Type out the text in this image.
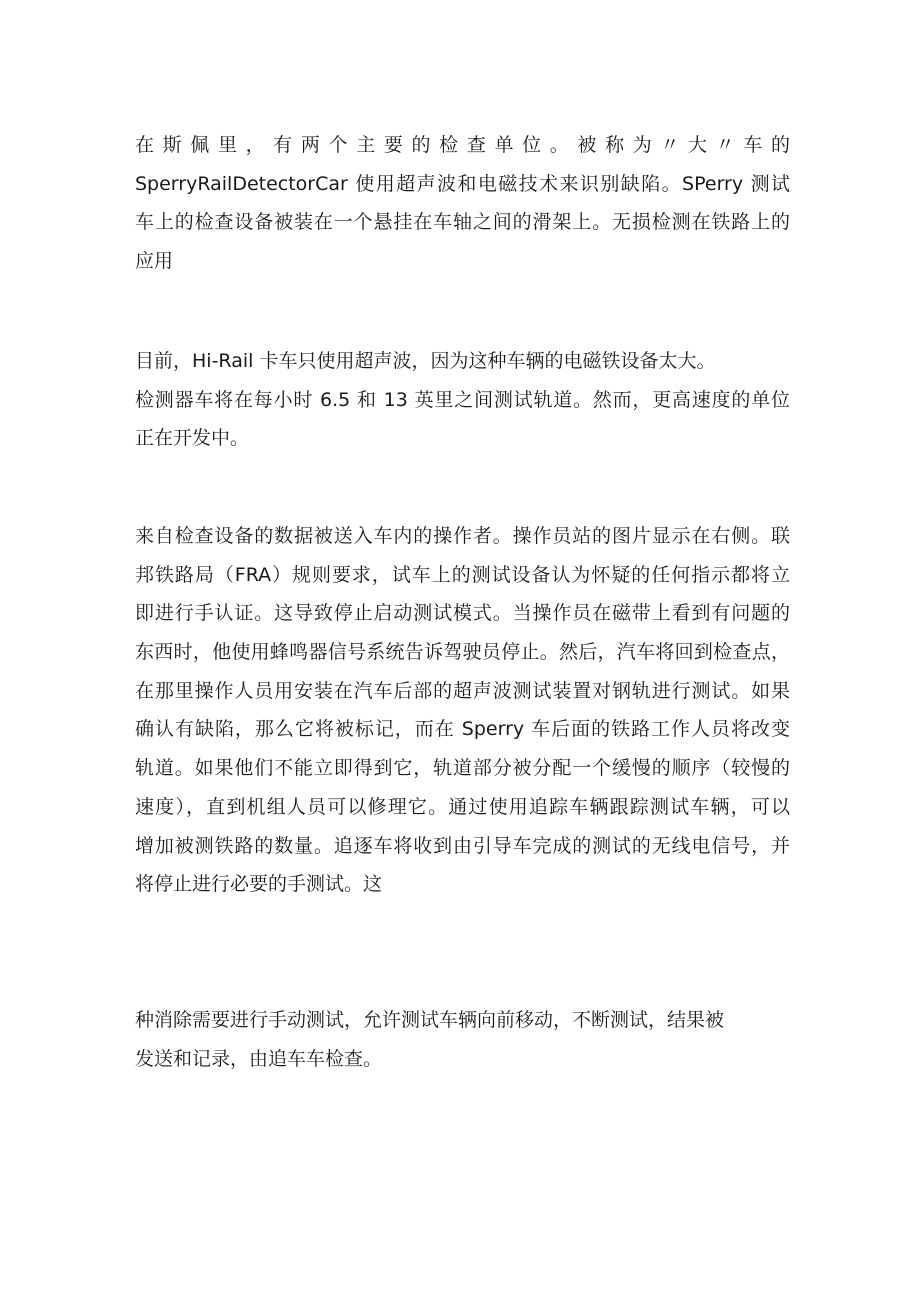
在斯佩里，有两个主要的检查单位。被称为〃大〃车的
SperryRailDetectorCar 使用超声波和电磁技术来识别缺陷。SPerry 测试
车上的检查设备被装在一个悬挂在车轴之间的滑架上。无损检测在铁路上的
应用
目前，Hi-Rail 卡车只使用超声波，因为这种车辆的电磁铁设备太大。
检测器车将在每小时 6.5 和 13 英里之间测试轨道。然而，更高速度的单位
正在开发中。
来自检查设备的数据被送入车内的操作者。操作员站的图片显示在右侧。联
邦铁路局（FRA）规则要求，试车上的测试设备认为怀疑的任何指示都将立
即进行手认证。这导致停止启动测试模式。当操作员在磁带上看到有问题的
东西时，他使用蜂鸣器信号系统告诉驾驶员停止。然后，汽车将回到检查点，
在那里操作人员用安装在汽车后部的超声波测试装置对钢轨进行测试。如果
确认有缺陷，那么它将被标记，而在 Sperry 车后面的铁路工作人员将改变
轨道。如果他们不能立即得到它，轨道部分被分配一个缓慢的顺序（较慢的
速度），直到机组人员可以修理它。通过使用追踪车辆跟踪测试车辆，可以
增加被测铁路的数量。追逐车将收到由引导车完成的测试的无线电信号，并
将停止进行必要的手测试。这
种消除需要进行手动测试，允许测试车辆向前移动，不断测试，结果被
发送和记录，由追车车检查。
